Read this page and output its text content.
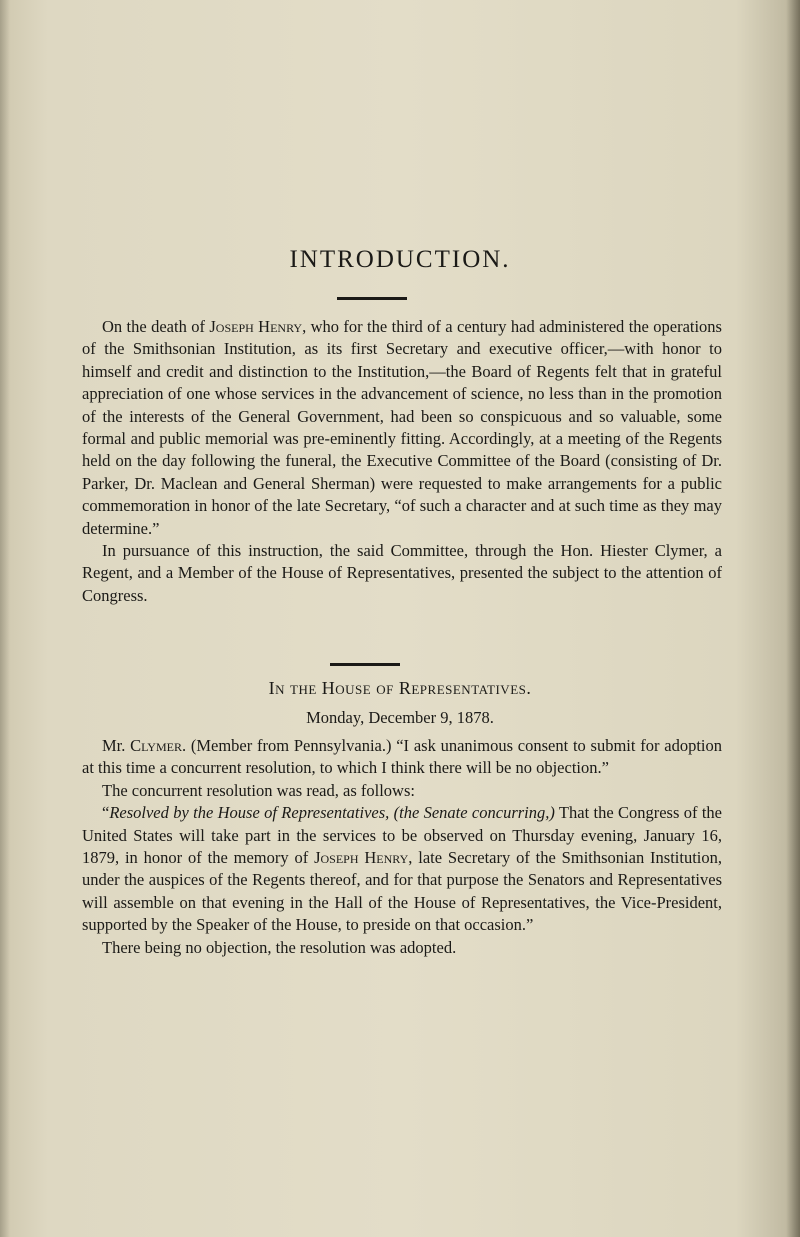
INTRODUCTION.

On the death of Joseph Henry, who for the third of a century had administered the operations of the Smithsonian Institution, as its first Secretary and executive officer,—with honor to himself and credit and distinction to the Institution,—the Board of Regents felt that in grateful appreciation of one whose services in the advancement of science, no less than in the promotion of the interests of the General Government, had been so conspicuous and so valuable, some formal and public memorial was pre-eminently fitting. Accordingly, at a meeting of the Regents held on the day following the funeral, the Executive Committee of the Board (consisting of Dr. Parker, Dr. Maclean and General Sherman) were requested to make arrangements for a public commemoration in honor of the late Secretary, “of such a character and at such time as they may determine.”

In pursuance of this instruction, the said Committee, through the Hon. Hiester Clymer, a Regent, and a Member of the House of Representatives, presented the subject to the attention of Congress.

In the House of Representatives.
Monday, December 9, 1878.

Mr. Clymer. (Member from Pennsylvania.) “I ask unanimous consent to submit for adoption at this time a concurrent resolution, to which I think there will be no objection.”

The concurrent resolution was read, as follows:

“Resolved by the House of Representatives, (the Senate concurring,) That the Congress of the United States will take part in the services to be observed on Thursday evening, January 16, 1879, in honor of the memory of Joseph Henry, late Secretary of the Smithsonian Institution, under the auspices of the Regents thereof, and for that purpose the Senators and Representatives will assemble on that evening in the Hall of the House of Representatives, the Vice-President, supported by the Speaker of the House, to preside on that occasion.”

There being no objection, the resolution was adopted.
